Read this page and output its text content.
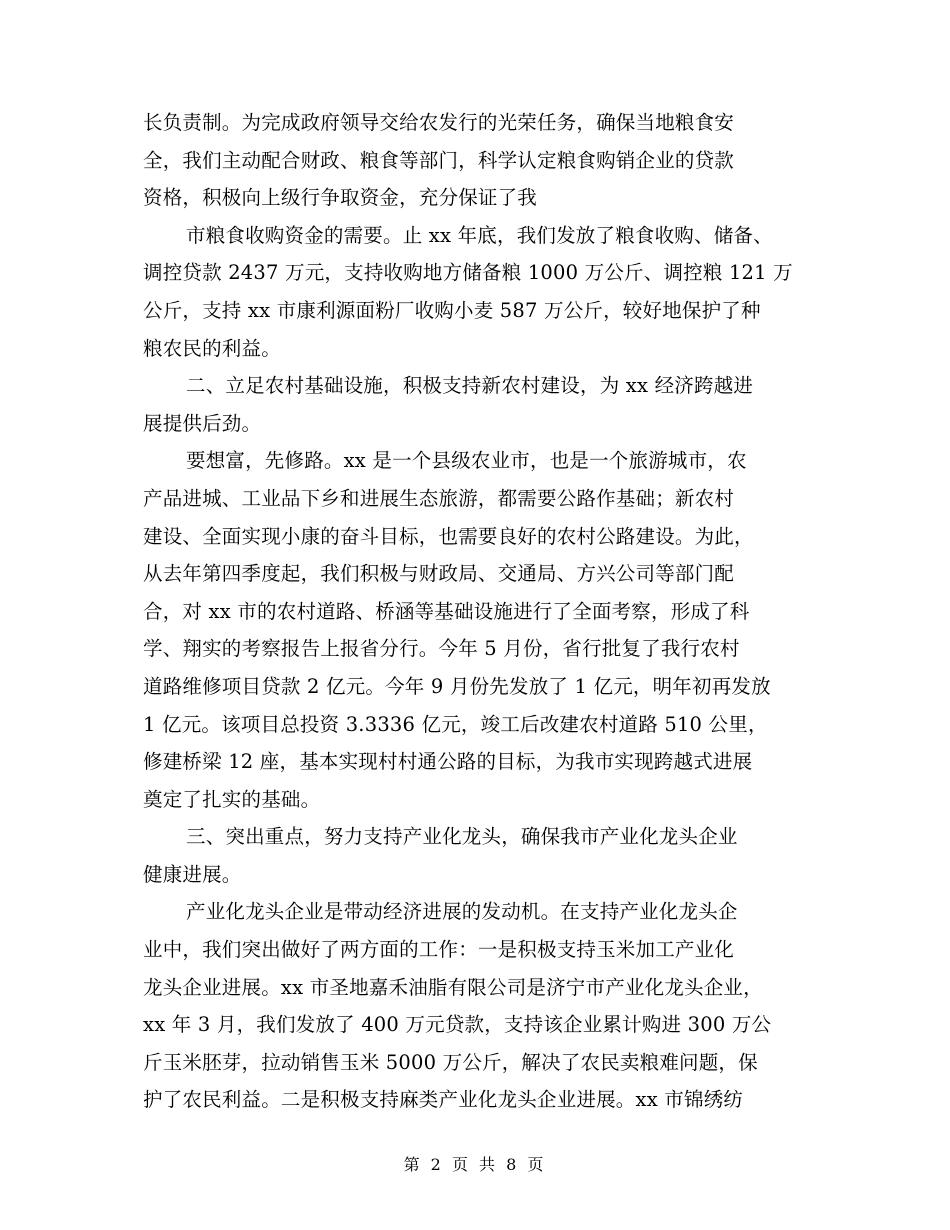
长负责制。为完成政府领导交给农发行的光荣任务，确保当地粮食安
全，我们主动配合财政、粮食等部门，科学认定粮食购销企业的贷款
资格，积极向上级行争取资金，充分保证了我
市粮食收购资金的需要。止 xx 年底，我们发放了粮食收购、储备、
调控贷款 2437 万元，支持收购地方储备粮 1000 万公斤、调控粮 121 万
公斤，支持 xx 市康利源面粉厂收购小麦 587 万公斤，较好地保护了种
粮农民的利益。
二、立足农村基础设施，积极支持新农村建设，为 xx 经济跨越进
展提供后劲。
要想富，先修路。xx 是一个县级农业市，也是一个旅游城市，农
产品进城、工业品下乡和进展生态旅游，都需要公路作基础；新农村
建设、全面实现小康的奋斗目标，也需要良好的农村公路建设。为此，
从去年第四季度起，我们积极与财政局、交通局、方兴公司等部门配
合，对 xx 市的农村道路、桥涵等基础设施进行了全面考察，形成了科
学、翔实的考察报告上报省分行。今年 5 月份，省行批复了我行农村
道路维修项目贷款 2 亿元。今年 9 月份先发放了 1 亿元，明年初再发放
1 亿元。该项目总投资 3.3336 亿元，竣工后改建农村道路 510 公里，
修建桥梁 12 座，基本实现村村通公路的目标，为我市实现跨越式进展
奠定了扎实的基础。
三、突出重点，努力支持产业化龙头，确保我市产业化龙头企业
健康进展。
产业化龙头企业是带动经济进展的发动机。在支持产业化龙头企
业中，我们突出做好了两方面的工作：一是积极支持玉米加工产业化
龙头企业进展。xx 市圣地嘉禾油脂有限公司是济宁市产业化龙头企业，
xx 年 3 月，我们发放了 400 万元贷款，支持该企业累计购进 300 万公
斤玉米胚芽，拉动销售玉米 5000 万公斤，解决了农民卖粮难问题，保
护了农民利益。二是积极支持麻类产业化龙头企业进展。xx 市锦绣纺
第 2 页 共 8 页
